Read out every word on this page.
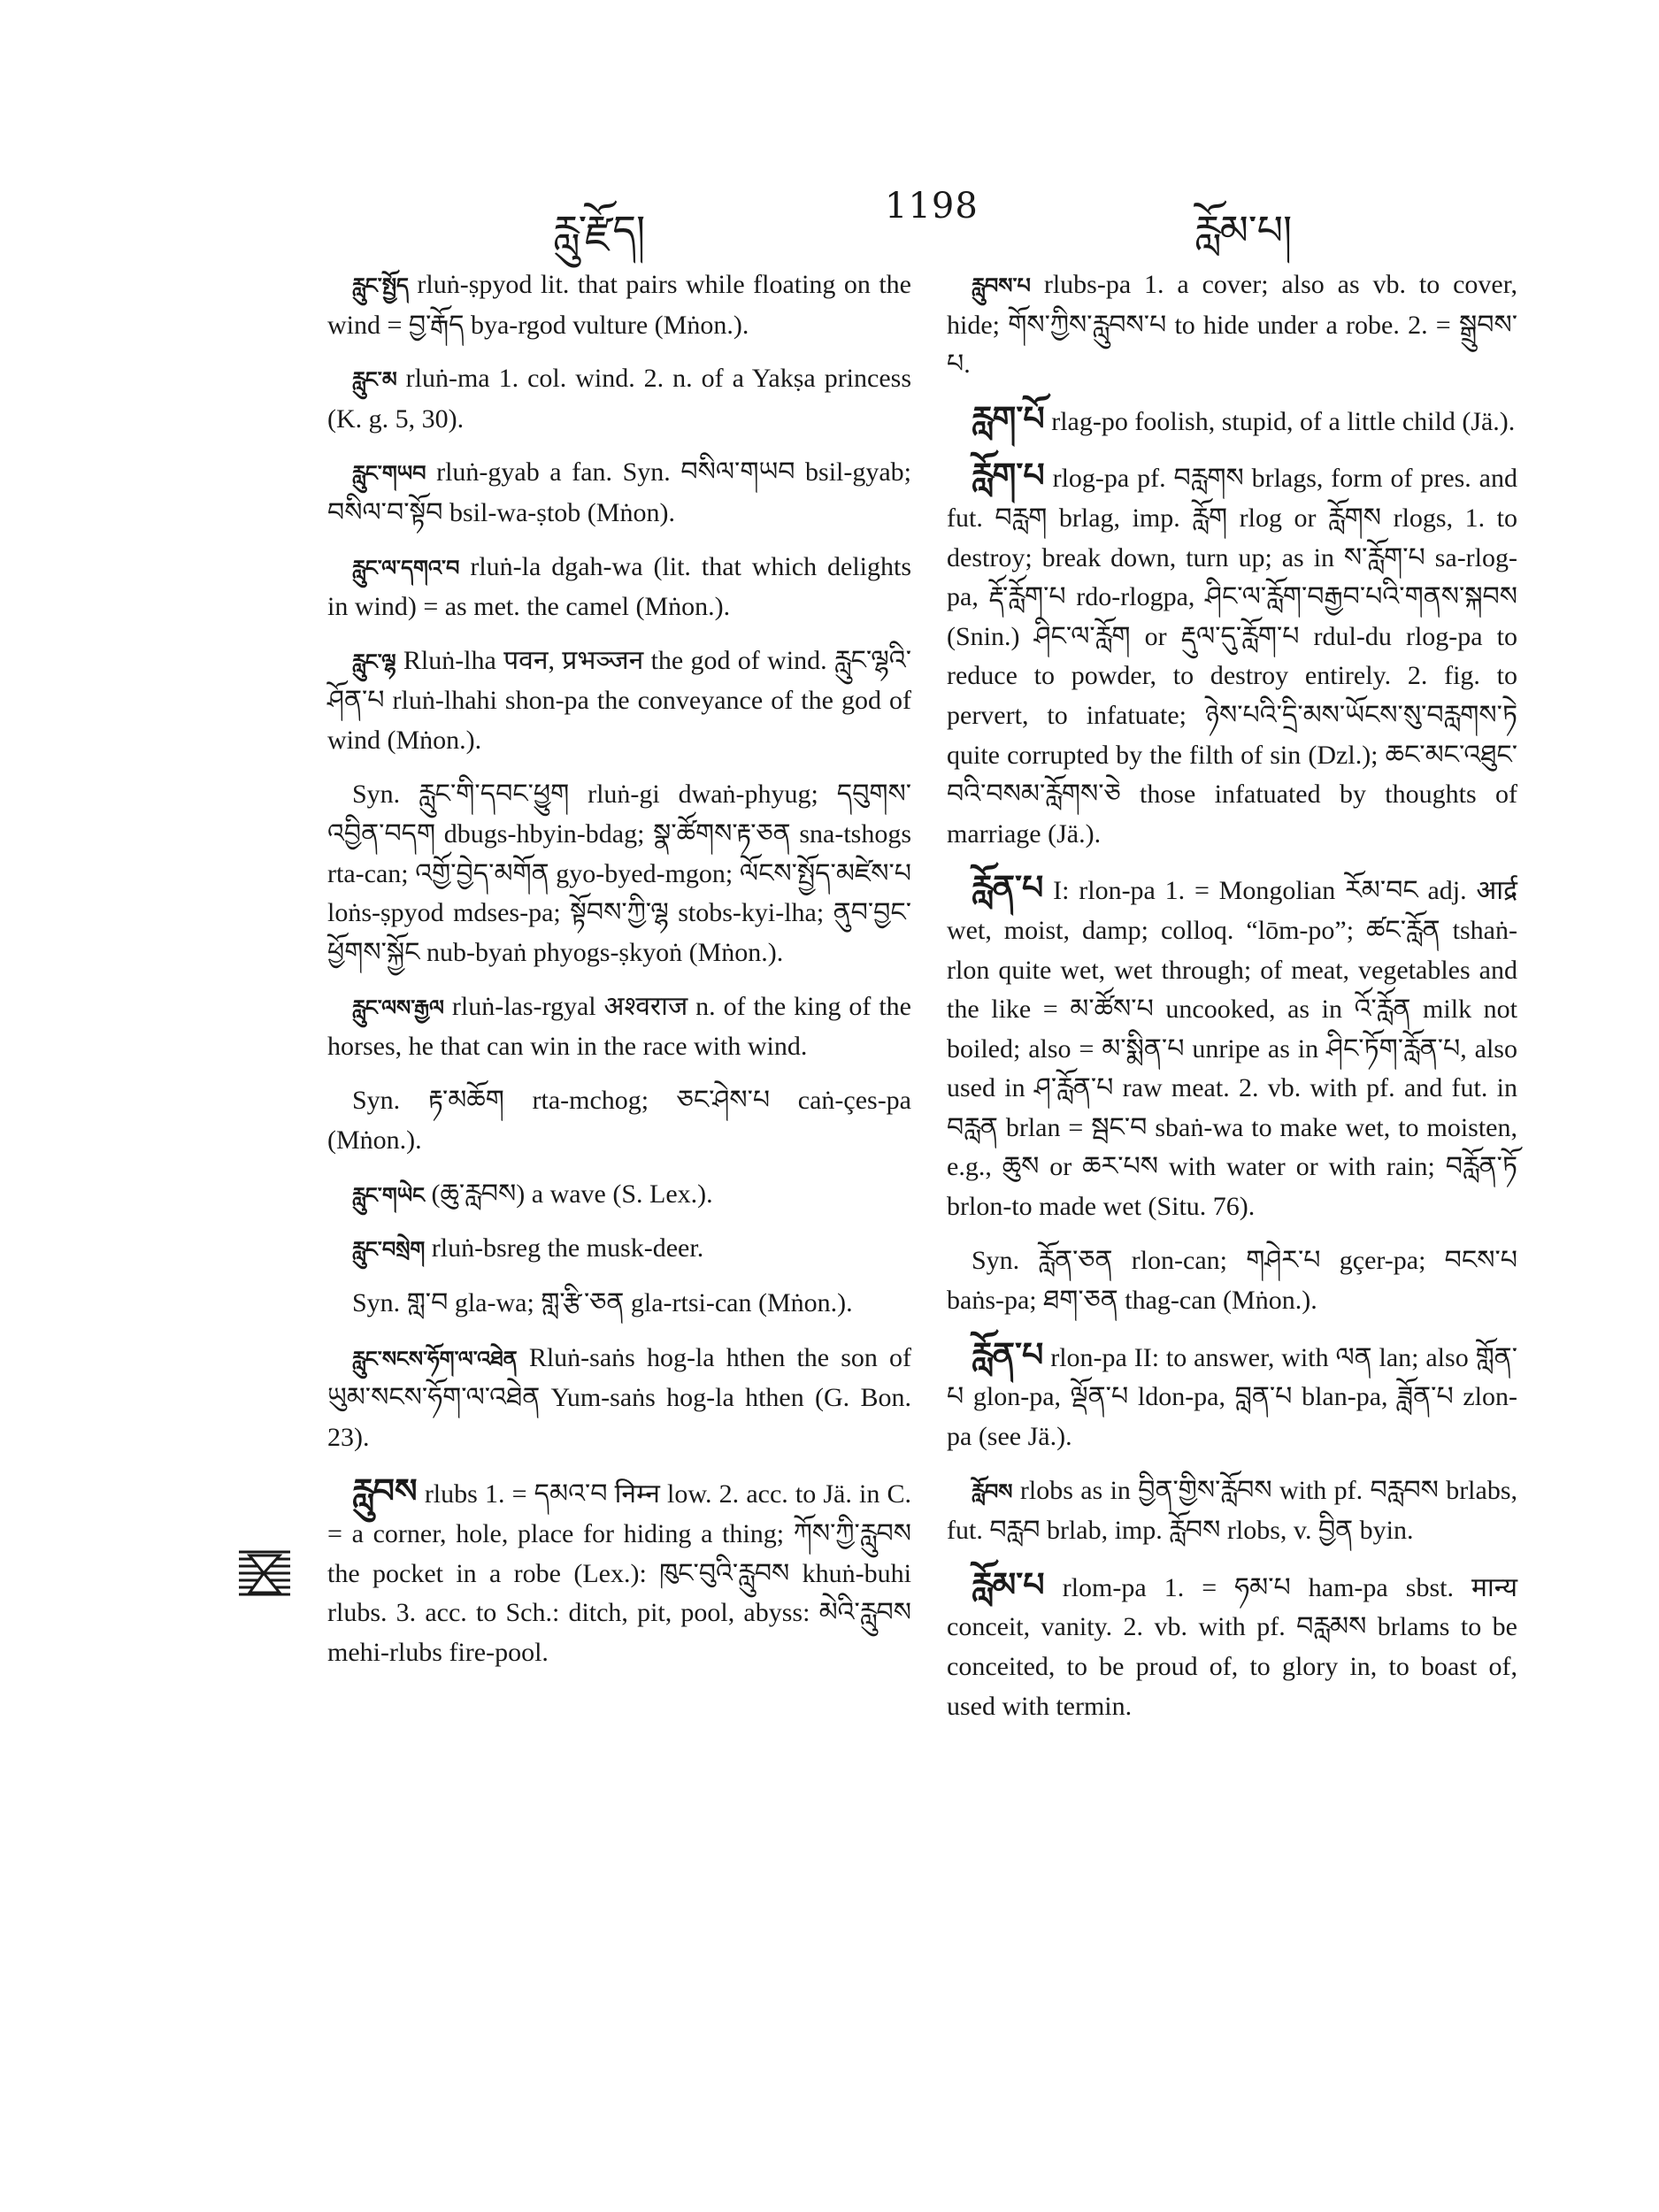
རླུ་རྫོད།	1198	རློམ་པ།

རླུང་སྤྱོད rluṅ-ṣpyod lit. that pairs while floating on the wind = བྱ་རྒོད bya-rgod vulture (Mṅon.).

རླུང་མ rluṅ-ma 1. col. wind. 2. n. of a Yakṣa princess (K. g. 5, 30).

རླུང་གཡབ rluṅ-gyab a fan. Syn. བསིལ་གཡབ bsil-gyab; བསིལ་བ་སྟོབ bsil-wa-ṣtob (Mṅon).

རླུང་ལ་དགའ་བ rluṅ-la dgah-wa (lit. that which delights in wind) = as met. the camel (Mṅon.).

རླུང་ལྷ Rluṅ-lha पवन, प्रभञ्जन the god of wind. རླུང་ལྷའི་ཤོན་པ rluṅ-lhahi shon-pa the conveyance of the god of wind (Mṅon.).

Syn. རླུང་གི་དབང་ཕྱུག rluṅ-gi dwaṅ-phyug; དབུགས་འབྱིན་བདག dbugs-hbyin-bdag; སྣ་ཚོགས་རྟ་ཅན sna-tshogs rta-can; འགྱོ་བྱེད་མགོན gyo-byed-mgon; ལོངས་སྤྱོད་མཛེས་པ loṅs-ṣpyod mdses-pa; སྟོབས་ཀྱི་ལྷ stobs-kyi-lha; ནུབ་བྱང་ཕྱོགས་སྐྱོང nub-byaṅ phyogs-ṣkyoṅ (Mṅon.).

རླུང་ལས་རྒྱལ rluṅ-las-rgyal अश्वराज n. of the king of the horses, he that can win in the race with wind.

Syn. རྟ་མཆོག rta-mchog; ཅང་ཤེས་པ caṅ-çes-pa (Mṅon.).

རླུང་གཡེང (ཆུ་རླབས) a wave (S. Lex.).

རླུང་བསྲེག rluṅ-bsreg the musk-deer.

Syn. གླ་བ gla-wa; གླ་རྩི་ཅན gla-rtsi-can (Mṅon.).

རླུང་སངས་ཧོག་ལ་འཐེན Rluṅ-saṅs hog-la hthen the son of ཡུམ་སངས་ཧོག་ལ་འཐེན Yum-saṅs hog-la hthen (G. Bon. 23).

རླུབས rlubs 1. = དམའ་བ निम्न low. 2. acc. to Jä. in C. = a corner, hole, place for hiding a thing; ཀོས་ཀྱི་རླུབས the pocket in a robe (Lex.): ཁུང་བུའི་རླུབས khuṅ-buhi rlubs. 3. acc. to Sch.: ditch, pit, pool, abyss: མེའི་རླུབས mehi-rlubs fire-pool.

རླུབས་པ rlubs-pa 1. a cover; also as vb. to cover, hide; གོས་ཀྱིས་རླུབས་པ to hide under a robe. 2. = སྒྲུབས་པ.

རླག་པོ rlag-po foolish, stupid, of a little child (Jä.).

རློག་པ rlog-pa pf. བརླགས brlags, form of pres. and fut. བརླག brlag, imp. རློག rlog or རློགས rlogs, 1. to destroy; break down, turn up; as in ས་རློག་པ sa-rlog-pa, རྡོ་རློག་པ rdo-rlogpa, ཤིང་ལ་རློག་བརྒྱབ་པའི་གནས་སྐབས (Snin.) ཤིང་ལ་རློག or རྡུལ་དུ་རློག་པ rdul-du rlog-pa to reduce to powder, to destroy entirely. 2. fig. to pervert, to infatuate; ཉེས་པའི་དྲི་མས་ཡོངས་སུ་བརླགས་ཏེ quite corrupted by the filth of sin (Dzl.); ཆང་མང་འཐུང་བའི་བསམ་རློགས་ཅེ those infatuated by thoughts of marriage (Jä.).

རློན་པ I: rlon-pa 1. = Mongolian རོམ་བང adj. आर्द्र wet, moist, damp; colloq. “lōm-po”; ཚང་རློན tshaṅ-rlon quite wet, wet through; of meat, vegetables and the like = མ་ཚོས་པ uncooked, as in འོ་རློན milk not boiled; also = མ་སྨིན་པ unripe as in ཤིང་ཏོག་རློན་པ, also used in ཤ་རློན་པ raw meat. 2. vb. with pf. and fut. in བརླན brlan = སྦང་བ sbaṅ-wa to make wet, to moisten, e.g., ཆུས or ཆར་པས with water or with rain; བརློན་ཏོ brlon-to made wet (Situ. 76).

Syn. རློན་ཅན rlon-can; གཤེར་པ gçer-pa; བངས་པ baṅs-pa; ཐག་ཅན thag-can (Mṅon.).

རློན་པ rlon-pa II: to answer, with ལན lan; also གློན་པ glon-pa, ལྡོན་པ ldon-pa, བླན་པ blan-pa, ཟློན་པ zlon-pa (see Jä.).

རློབས rlobs as in བྱིན་གྱིས་རློབས with pf. བརླབས brlabs, fut. བརླབ brlab, imp. རློབས rlobs, v. བྱིན byin.

རློམ་པ rlom-pa 1. = ཧམ་པ ham-pa sbst. मान्य conceit, vanity. 2. vb. with pf. བརླམས brlams to be conceited, to be proud of, to glory in, to boast of, used with termin.
